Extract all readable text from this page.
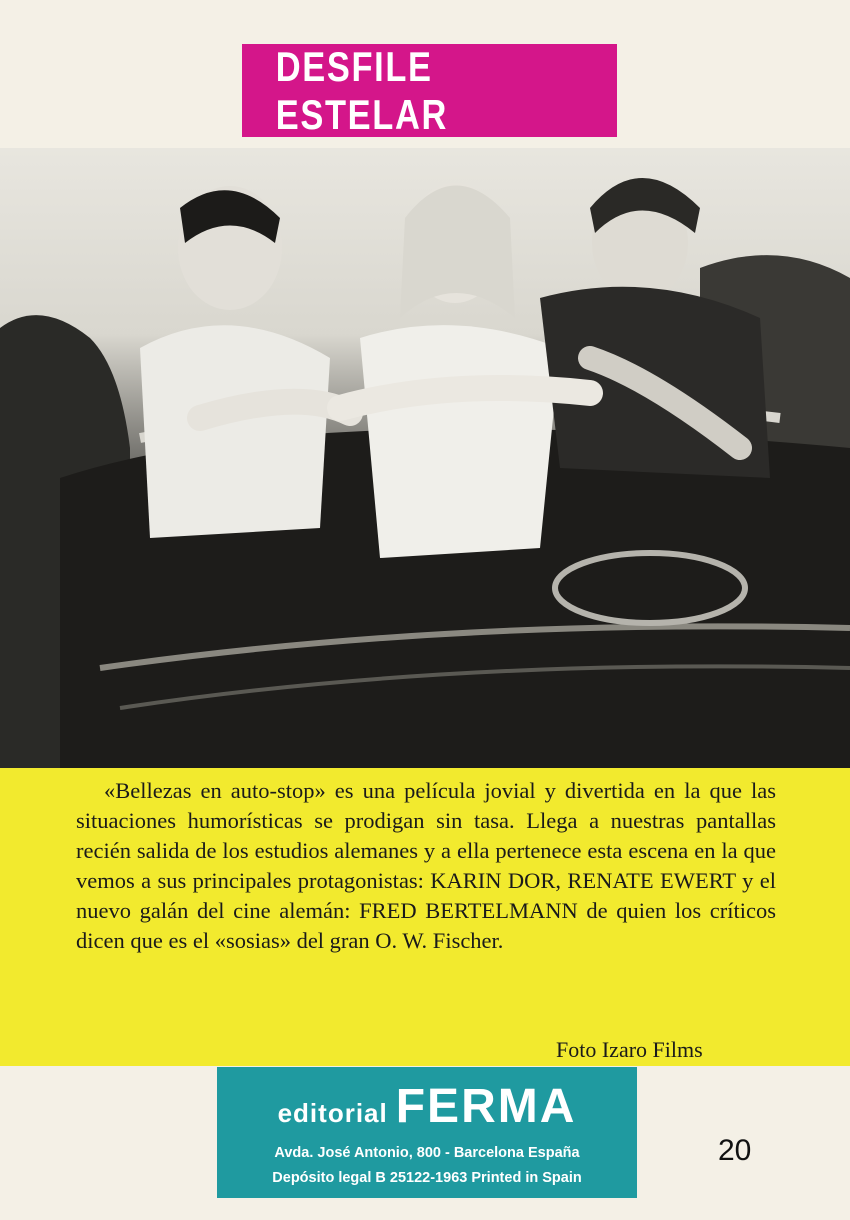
DESFILE ESTELAR
«Bellezas en auto-stop» es una película jovial y divertida en la que las situaciones humorísticas se prodigan sin tasa. Llega a nuestras pantallas recién salida de los estudios alemanes y a ella pertenece esta escena en la que vemos a sus principales protagonistas: KARIN DOR, RENATE EWERT y el nuevo galán del cine alemán: FRED BERTELMANN de quien los críticos dicen que es el «sosias» del gran O. W. Fischer.
Foto Izaro Films
editorial FERMA
Avda. José Antonio, 800 - Barcelona España
Depósito legal B 25122-1963 Printed in Spain
20
